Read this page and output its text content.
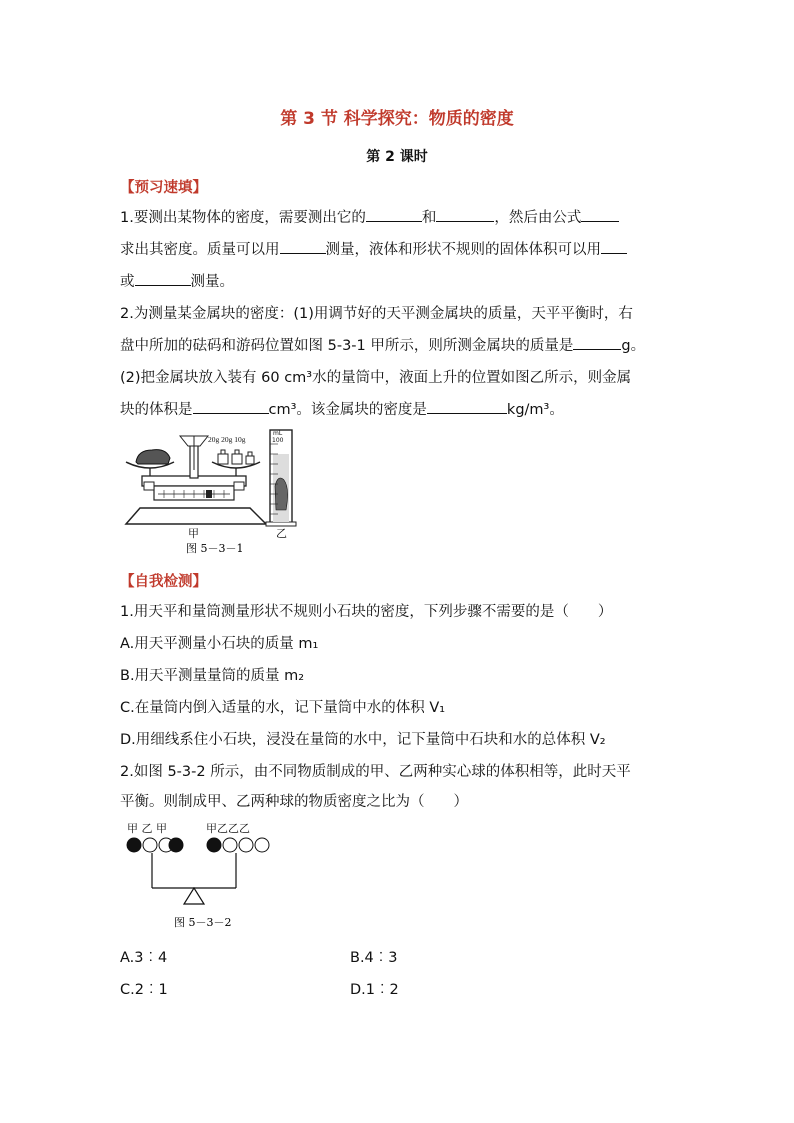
第 3 节 科学探究：物质的密度
第 2 课时
【预习速填】
1.要测出某物体的密度，需要测出它的	和	，然后由公式
求出其密度。质量可以用	测量，液体和形状不规则的固体体积可以用
或	测量。
2.为测量某金属块的密度：(1)用调节好的天平测金属块的质量，天平平衡时，右
盘中所加的砝码和游码位置如图 5-3-1 甲所示，则所测金属块的质量是	g。
(2)把金属块放入装有 60 cm³水的量筒中，液面上升的位置如图乙所示，则金属
块的体积是	cm³。该金属块的密度是	kg/m³。
20g 20g 10g
mL
100
甲	乙
图 5－3－1
【自我检测】
1.用天平和量筒测量形状不规则小石块的密度，下列步骤不需要的是（　　）
A.用天平测量小石块的质量 m₁
B.用天平测量量筒的质量 m₂
C.在量筒内倒入适量的水，记下量筒中水的体积 V₁
D.用细线系住小石块，浸没在量筒的水中，记下量筒中石块和水的总体积 V₂
2.如图 5-3-2 所示，由不同物质制成的甲、乙两种实心球的体积相等，此时天平
平衡。则制成甲、乙两种球的物质密度之比为（　　）
甲 乙 甲	甲乙乙乙
图 5－3－2
A.3︰4	B.4︰3
C.2︰1	D.1︰2
